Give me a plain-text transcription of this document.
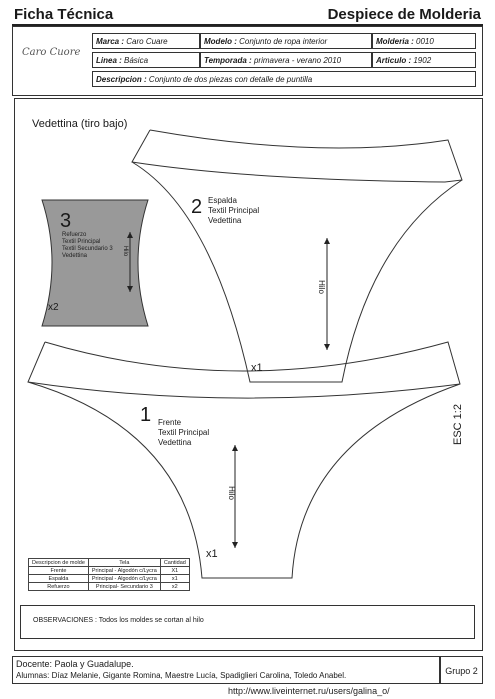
Ficha Técnica	Despiece de Molderia
Caro Cuore
Marca : Caro Cuare	Modelo : Conjunto de ropa interior	Molderia : 0010
Linea : Básica	Temporada : primavera - verano 2010	Articulo : 1902
Descripcion : Conjunto de dos piezas con detalle de puntilla
Vedettina (tiro bajo)
2 Espalda
Textil Principal
Vedettina
Hilo
x1
3
Refuerzo
Textil Principal
Textil Secundario 3
Vedettina	Hilo
x2
1 Frente
Textil Principal
Vedettina
Hilo
x1
ESC 1:2
Descripcion de molde	Tela	Cantidad
Frente	Principal - Algodón c/Lycra	X1
Espalda	Principal - Algodón c/Lycra	x1
Refuerzo	Principal- Secundario 3	x2
OBSERVACIONES : Todos los moldes se cortan al hilo
Docente: Paola y Guadalupe.
Alumnas: Díaz Melanie, Gigante Romina, Maestre Lucía, Spadiglieri Carolina, Toledo Anabel.	Grupo 2
http://www.liveinternet.ru/users/galina_o/
